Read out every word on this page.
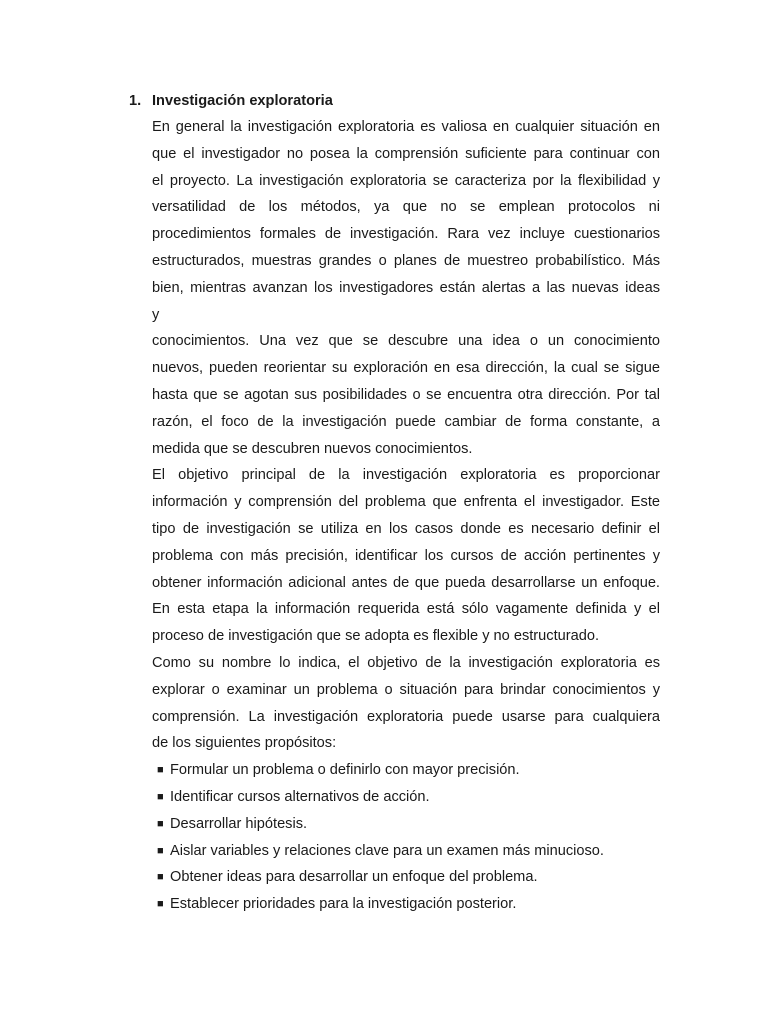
1. Investigación exploratoria
En general la investigación exploratoria es valiosa en cualquier situación en
que el investigador no posea la comprensión suficiente para continuar con
el proyecto. La investigación exploratoria se caracteriza por la flexibilidad y
versatilidad de los métodos, ya que no se emplean protocolos ni
procedimientos formales de investigación. Rara vez incluye cuestionarios
estructurados, muestras grandes o planes de muestreo probabilístico. Más
bien, mientras avanzan los investigadores están alertas a las nuevas ideas
y
conocimientos. Una vez que se descubre una idea o un conocimiento
nuevos, pueden reorientar su exploración en esa dirección, la cual se sigue
hasta que se agotan sus posibilidades o se encuentra otra dirección. Por tal
razón, el foco de la investigación puede cambiar de forma constante, a
medida que se descubren nuevos conocimientos.
El objetivo principal de la investigación exploratoria es proporcionar
información y comprensión del problema que enfrenta el investigador. Este
tipo de investigación se utiliza en los casos donde es necesario definir el
problema con más precisión, identificar los cursos de acción pertinentes y
obtener información adicional antes de que pueda desarrollarse un enfoque.
En esta etapa la información requerida está sólo vagamente definida y el
proceso de investigación que se adopta es flexible y no estructurado.
Como su nombre lo indica, el objetivo de la investigación exploratoria es
explorar o examinar un problema o situación para brindar conocimientos y
comprensión. La investigación exploratoria puede usarse para cualquiera
de los siguientes propósitos:
■ Formular un problema o definirlo con mayor precisión.
■ Identificar cursos alternativos de acción.
■ Desarrollar hipótesis.
■ Aislar variables y relaciones clave para un examen más minucioso.
■ Obtener ideas para desarrollar un enfoque del problema.
■ Establecer prioridades para la investigación posterior.
